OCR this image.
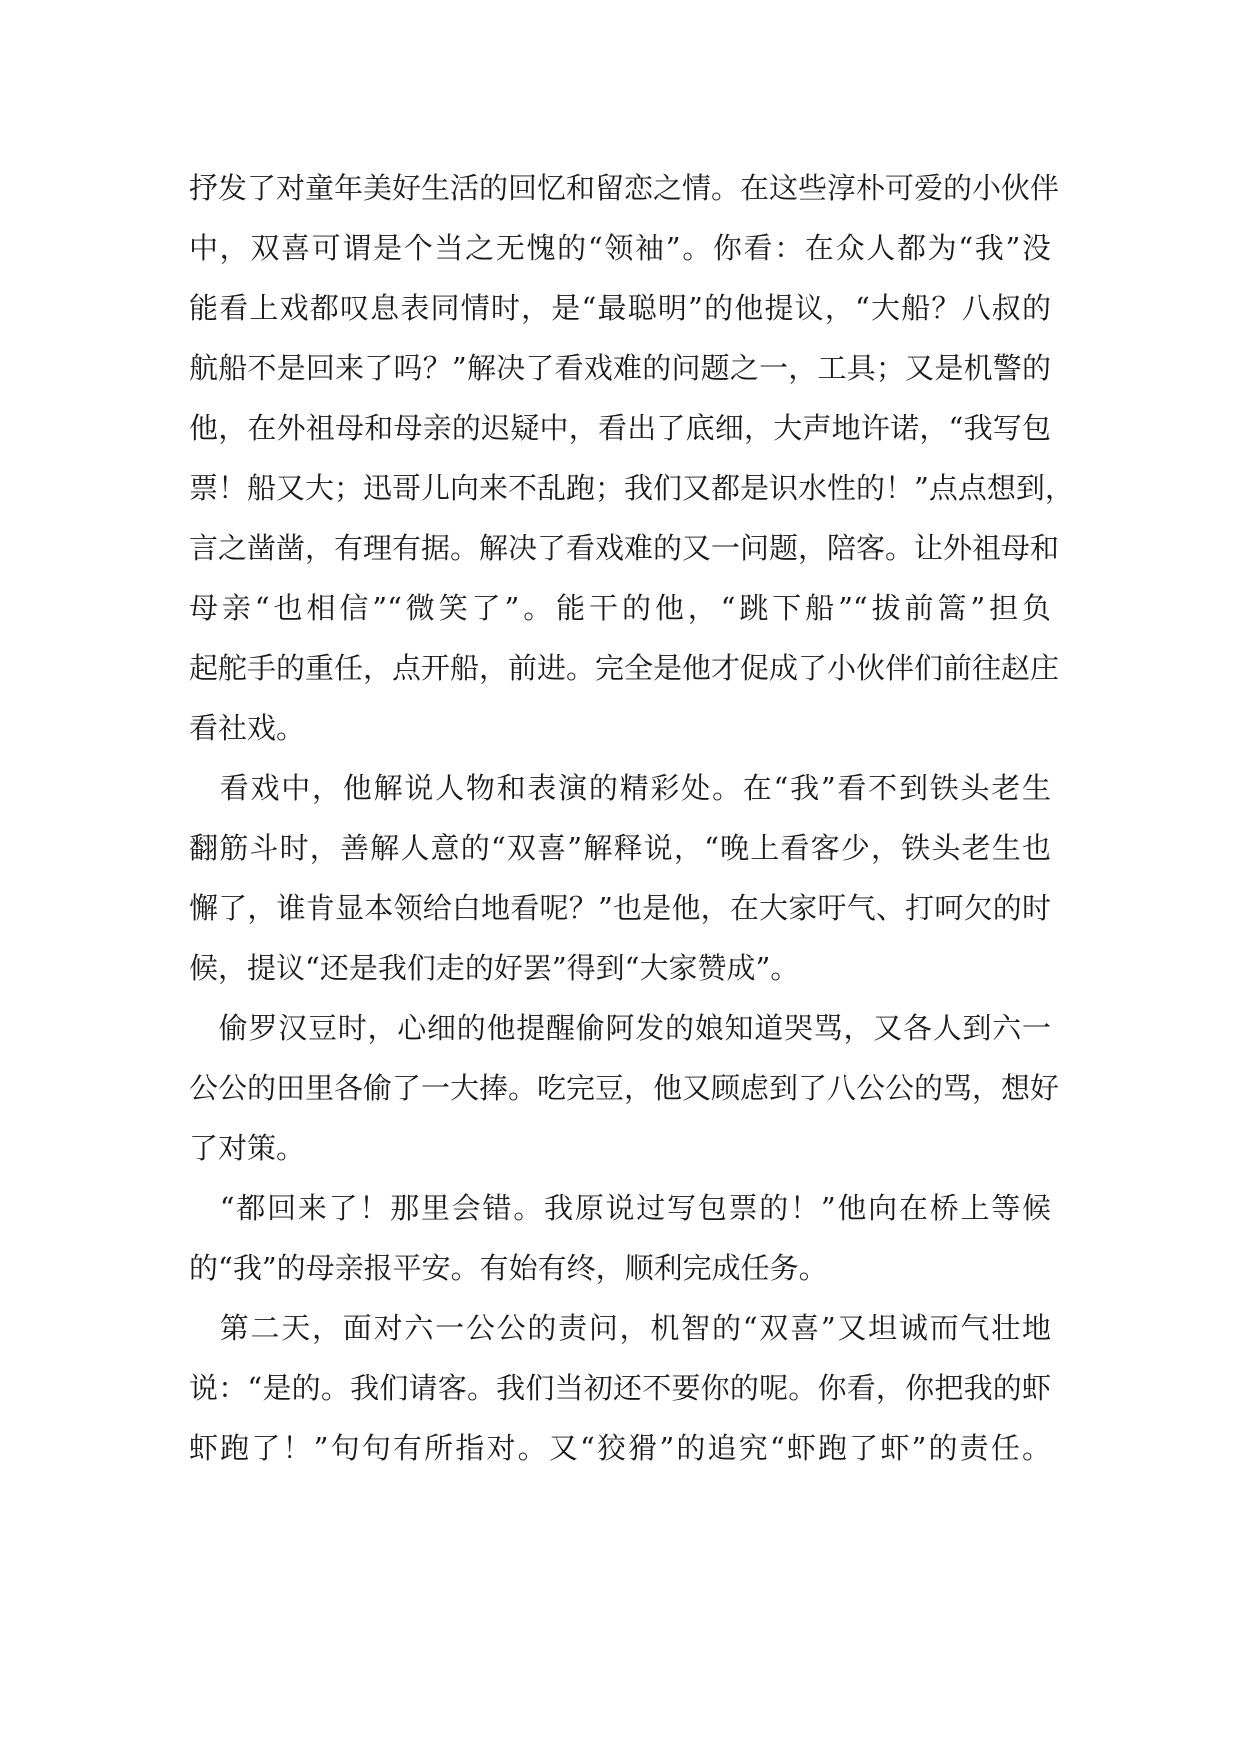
抒发了对童年美好生活的回忆和留恋之情。在这些淳朴可爱的小伙伴
中，双喜可谓是个当之无愧的“领袖”。你看：在众人都为“我”没
能看上戏都叹息表同情时，是“最聪明”的他提议，“大船？八叔的
航船不是回来了吗？”解决了看戏难的问题之一，工具；又是机警的
他，在外祖母和母亲的迟疑中，看出了底细，大声地许诺，“我写包
票！船又大；迅哥儿向来不乱跑；我们又都是识水性的！”点点想到，
言之凿凿，有理有据。解决了看戏难的又一问题，陪客。让外祖母和
母亲“也相信”“微笑了”。能干的他，“跳下船”“拔前篙”担负
起舵手的重任，点开船，前进。完全是他才促成了小伙伴们前往赵庄
看社戏。
　看戏中，他解说人物和表演的精彩处。在“我”看不到铁头老生
翻筋斗时，善解人意的“双喜”解释说，“晚上看客少，铁头老生也
懈了，谁肯显本领给白地看呢？”也是他，在大家吁气、打呵欠的时
候，提议“还是我们走的好罢”得到“大家赞成”。
　偷罗汉豆时，心细的他提醒偷阿发的娘知道哭骂，又各人到六一
公公的田里各偷了一大捧。吃完豆，他又顾虑到了八公公的骂，想好
了对策。
　“都回来了！那里会错。我原说过写包票的！”他向在桥上等候
的“我”的母亲报平安。有始有终，顺利完成任务。
　第二天，面对六一公公的责问，机智的“双喜”又坦诚而气壮地
说：“是的。我们请客。我们当初还不要你的呢。你看，你把我的虾
虾跑了！”句句有所指对。又“狡猾”的追究“虾跑了虾”的责任。
